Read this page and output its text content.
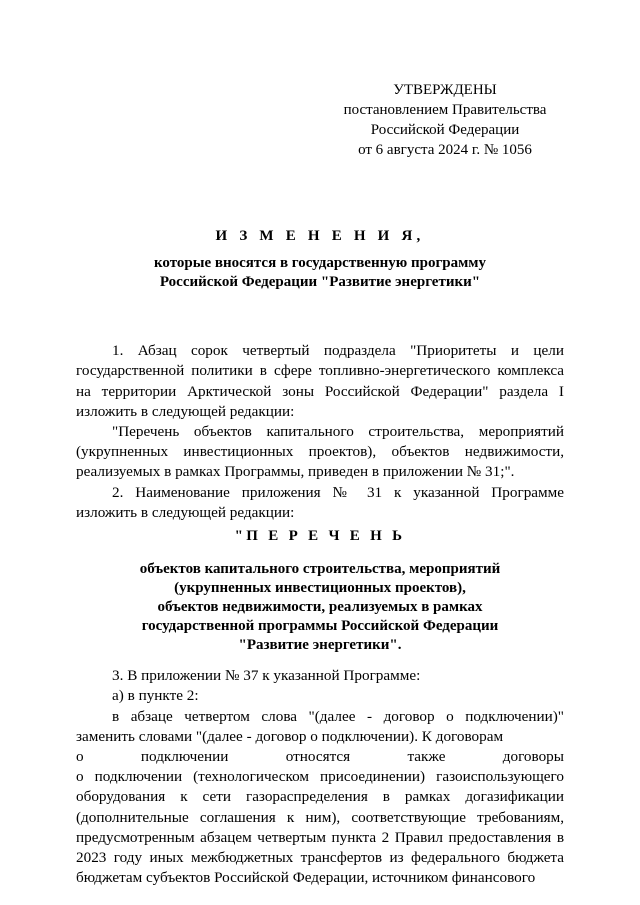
УТВЕРЖДЕНЫ
постановлением Правительства
Российской Федерации
от 6 августа 2024 г. № 1056
И З М Е Н Е Н И Я,
которые вносятся в государственную программу
Российской Федерации "Развитие энергетики"

1. Абзац сорок четвертый подраздела "Приоритеты и цели государственной политики в сфере топливно-энергетического комплекса на территории Арктической зоны Российской Федерации" раздела I изложить в следующей редакции:

"Перечень объектов капитального строительства, мероприятий (укрупненных инвестиционных проектов), объектов недвижимости, реализуемых в рамках Программы, приведен в приложении № 31;".

2. Наименование приложения № 31 к указанной Программе изложить в следующей редакции:

"П Е Р Е Ч Е Н Ь
объектов капитального строительства, мероприятий
(укрупненных инвестиционных проектов),
объектов недвижимости, реализуемых в рамках
государственной программы Российской Федерации
"Развитие энергетики".

3. В приложении № 37 к указанной Программе:

а) в пункте 2:

в абзаце четвертом слова "(далее - договор о подключении)" заменить словами "(далее - договор о подключении). К договорам

о	подключении	относятся	также	договоры

о подключении (технологическом присоединении) газоиспользующего оборудования к сети газораспределения в рамках догазификации (дополнительные соглашения к ним), соответствующие требованиям, предусмотренным абзацем четвертым пункта 2 Правил предоставления в 2023 году иных межбюджетных трансфертов из федерального бюджета бюджетам субъектов Российской Федерации, источником финансового
